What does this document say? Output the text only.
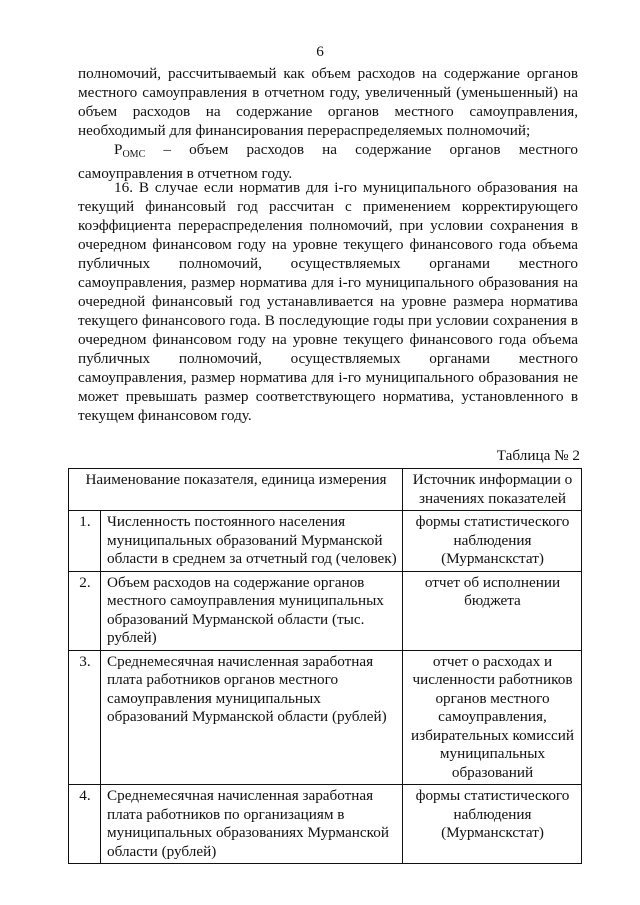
6

полномочий, рассчитываемый как объем расходов на содержание органов местного самоуправления в отчетном году, увеличенный (уменьшенный) на объем расходов на содержание органов местного самоуправления, необходимый для финансирования перераспределяемых полномочий;

$P_{ОМС}$ – объем расходов на содержание органов местного самоуправления в отчетном году.

16. В случае если норматив для i-го муниципального образования на текущий финансовый год рассчитан с применением корректирующего коэффициента перераспределения полномочий, при условии сохранения в очередном финансовом году на уровне текущего финансового года объема публичных полномочий, осуществляемых органами местного самоуправления, размер норматива для i-го муниципального образования на очередной финансовый год устанавливается на уровне размера норматива текущего финансового года. В последующие годы при условии сохранения в очередном финансовом году на уровне текущего финансового года объема публичных полномочий, осуществляемых органами местного самоуправления, размер норматива для i-го муниципального образования не может превышать размер соответствующего норматива, установленного в текущем финансовом году.

Таблица № 2
Наименование показателя, единица измерения		Источник информации о значениях показателей
1.	Численность постоянного населения муниципальных образований Мурманской области в среднем за отчетный год (человек)	формы статистического наблюдения (Мурманскстат)
2.	Объем расходов на содержание органов местного самоуправления муниципальных образований Мурманской области (тыс. рублей)	отчет об исполнении бюджета
3.	Среднемесячная начисленная заработная плата работников органов местного самоуправления муниципальных образований Мурманской области (рублей)	отчет о расходах и численности работников органов местного самоуправления, избирательных комиссий муниципальных образований
4.	Среднемесячная начисленная заработная плата работников по организациям в муниципальных образованиях Мурманской области (рублей)	формы статистического наблюдения (Мурманскстат)
